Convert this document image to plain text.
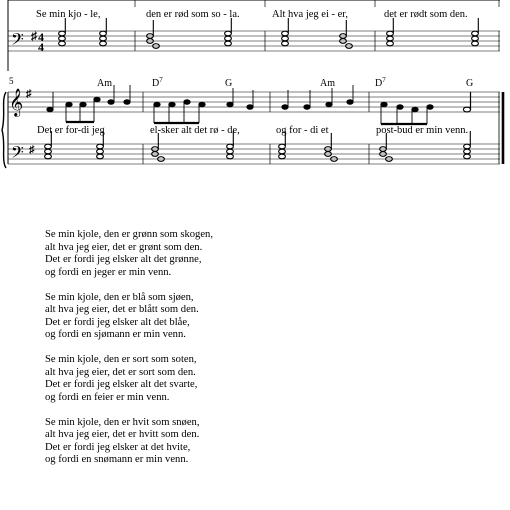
Se min kjo - le,	den er rød som so - la.	Alt hva jeg ei - er,	det er rødt som den.
𝄢 ♯ 4
4
5	Am	$D^7$	G	Am	$D^7$	G
𝄞 ♯
Det er for-di jeg	el-sker alt det rø - de,	og for - di et	post-bud er min venn.
𝄢 ♯
Se min kjole, den er grønn som skogen,
alt hva jeg eier, det er grønt som den.
Det er fordi jeg elsker alt det grønne,
og fordi en jeger er min venn.
Se min kjole, den er blå som sjøen,
alt hva jeg eier, det er blått som den.
Det er fordi jeg elsker alt det blåe,
og fordi en sjømann er min venn.
Se min kjole, den er sort som soten,
alt hva jeg eier, det er sort som den.
Det er fordi jeg elsker alt det svarte,
og fordi en feier er min venn.
Se min kjole, den er hvit som snøen,
alt hva jeg eier, det er hvitt som den.
Det er fordi jeg elsker at det hvite,
og fordi en snømann er min venn.
